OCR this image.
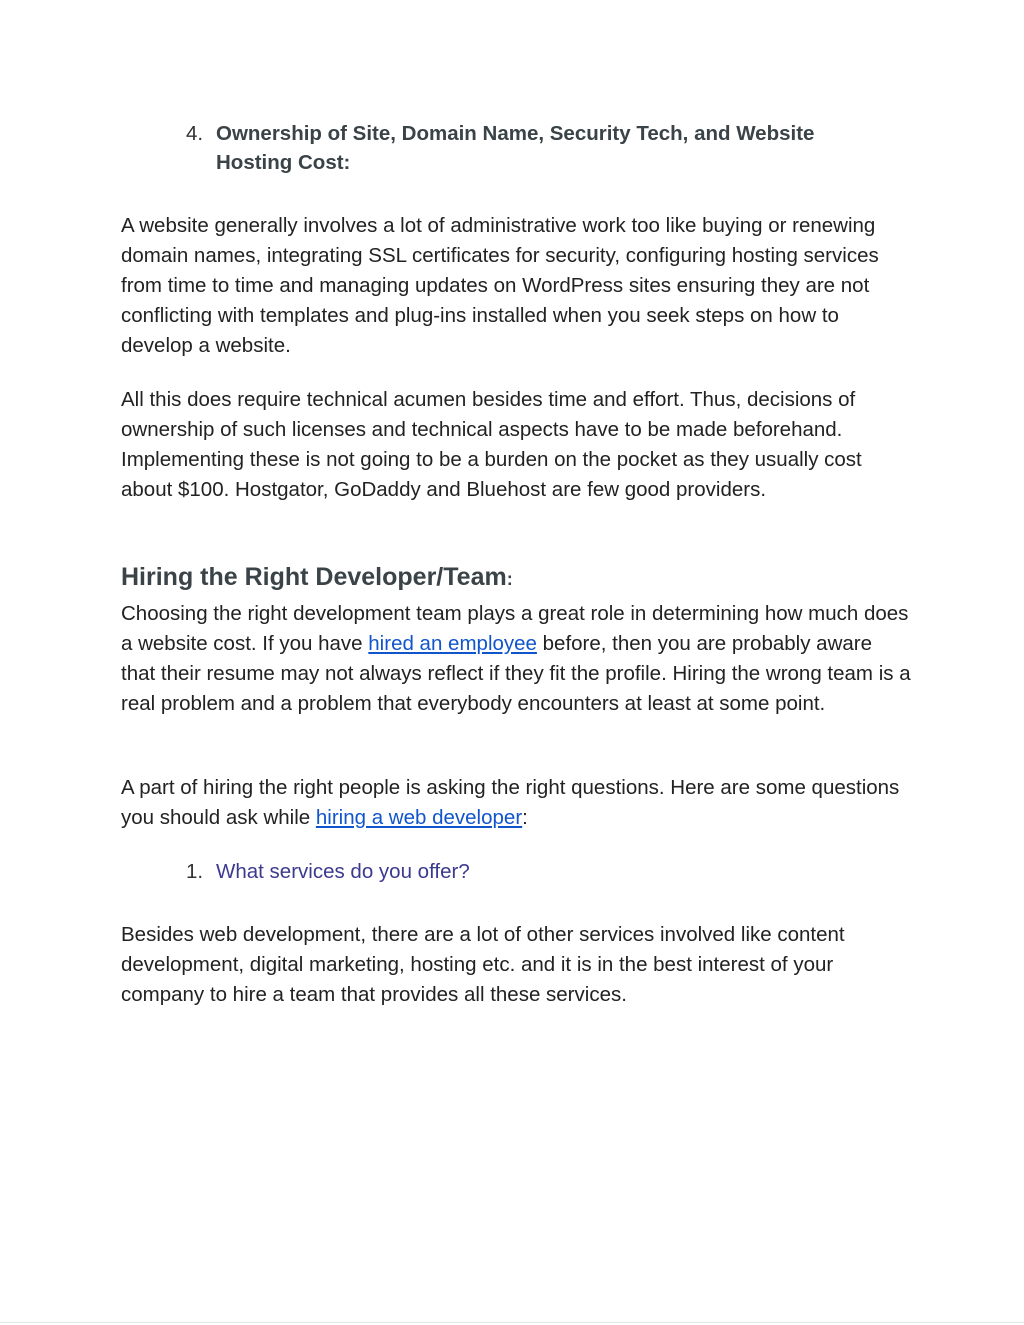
4. Ownership of Site, Domain Name, Security Tech, and Website
Hosting Cost:

A website generally involves a lot of administrative work too like buying or renewing domain names, integrating SSL certificates for security, configuring hosting services from time to time and managing updates on WordPress sites ensuring they are not conflicting with templates and plug-ins installed when you seek steps on how to develop a website.

All this does require technical acumen besides time and effort. Thus, decisions of ownership of such licenses and technical aspects have to be made beforehand. Implementing these is not going to be a burden on the pocket as they usually cost about $100. Hostgator, GoDaddy and Bluehost are few good providers.

Hiring the Right Developer/Team:

Choosing the right development team plays a great role in determining how much does a website cost. If you have hired an employee before, then you are probably aware that their resume may not always reflect if they fit the profile. Hiring the wrong team is a real problem and a problem that everybody encounters at least at some point.

A part of hiring the right people is asking the right questions. Here are some questions you should ask while hiring a web developer:

1. What services do you offer?

Besides web development, there are a lot of other services involved like content development, digital marketing, hosting etc. and it is in the best interest of your company to hire a team that provides all these services.
